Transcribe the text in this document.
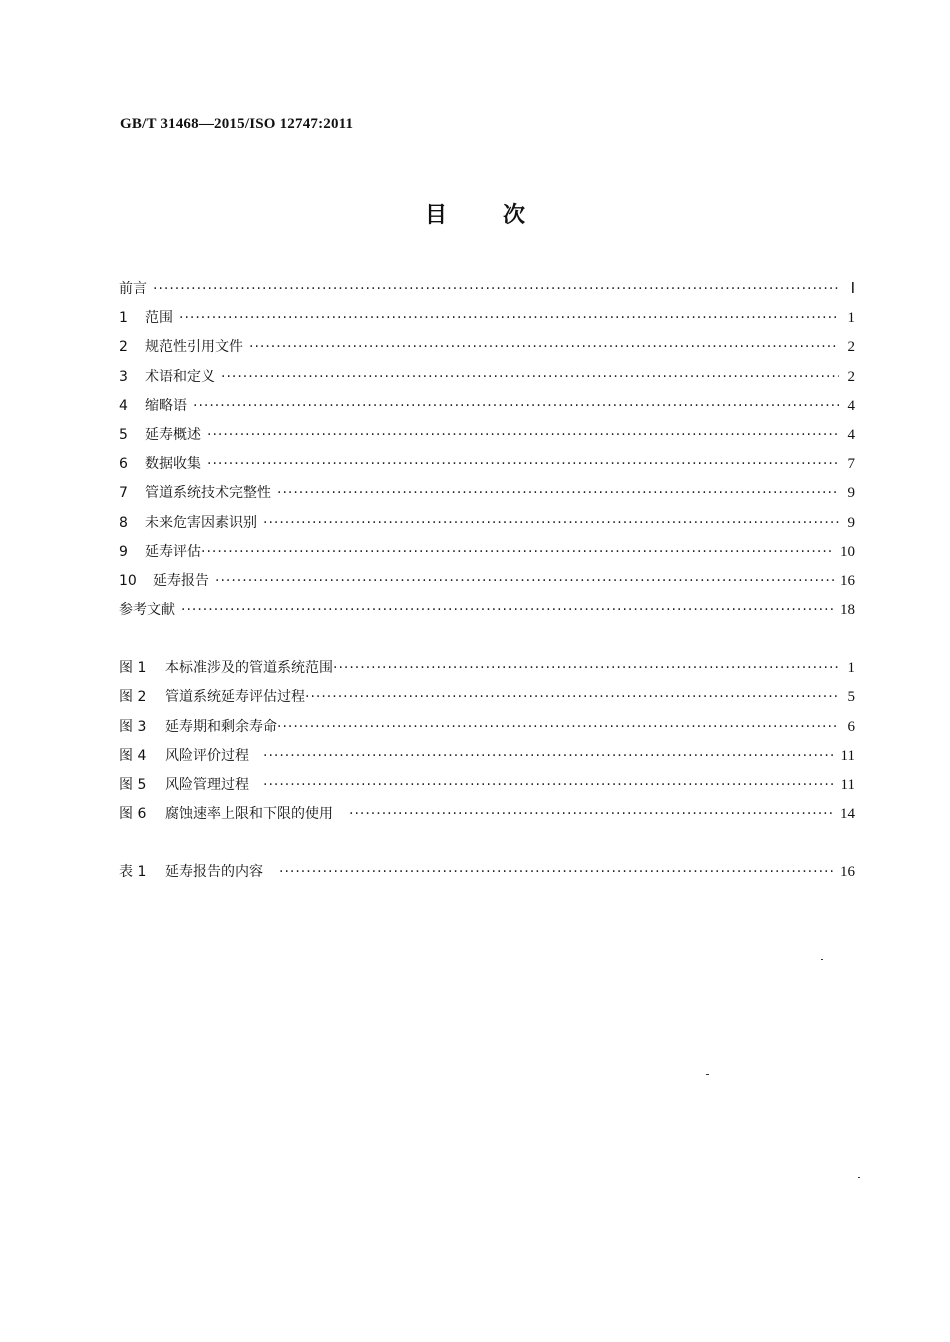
GB/T 31468—2015/ISO 12747:2011
目	次
前言 ·····	Ⅰ
1	范围 ·····	1
2	规范性引用文件 ·····	2
3	术语和定义 ·····	2
4	缩略语 ·····	4
5	延寿概述 ·····	4
6	数据收集 ·····	7
7	管道系统技术完整性 ·····	9
8	未来危害因素识别 ·····	9
9	延寿评估 ·····	10
10	延寿报告 ·····	16
参考文献 ·····	18
图 1	本标准涉及的管道系统范围 ·····	1
图 2	管道系统延寿评估过程 ·····	5
图 3	延寿期和剩余寿命 ·····	6
图 4	风险评价过程 ·····	11
图 5	风险管理过程 ·····	11
图 6	腐蚀速率上限和下限的使用 ·····	14
表 1	延寿报告的内容 ·····	16
